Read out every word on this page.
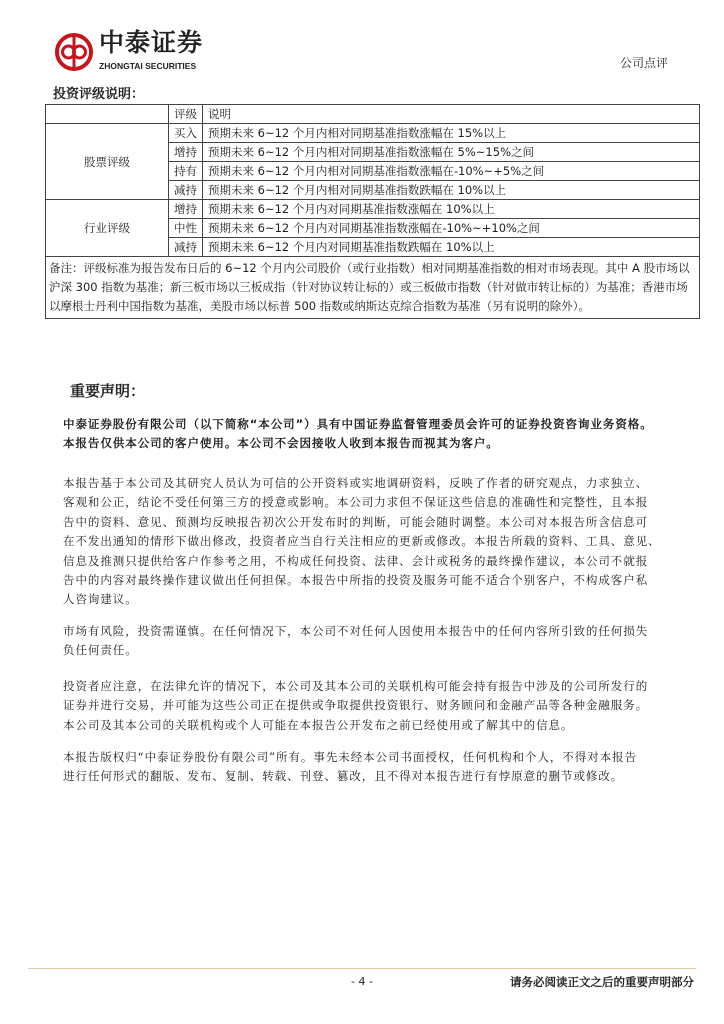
中泰证券
ZHONGTAI SECURITIES	公司点评
投资评级说明：
	评级	说明
股票评级	买入	预期未来 6~12 个月内相对同期基准指数涨幅在 15%以上
	增持	预期未来 6~12 个月内相对同期基准指数涨幅在 5%~15%之间
	持有	预期未来 6~12 个月内相对同期基准指数涨幅在-10%~+5%之间
	减持	预期未来 6~12 个月内相对同期基准指数跌幅在 10%以上
行业评级	增持	预期未来 6~12 个月内对同期基准指数涨幅在 10%以上
	中性	预期未来 6~12 个月内对同期基准指数涨幅在-10%~+10%之间
	减持	预期未来 6~12 个月内对同期基准指数跌幅在 10%以上
备注：评级标准为报告发布日后的 6~12 个月内公司股价（或行业指数）相对同期基准指数的相对市场表现。其中 A 股市场以沪深 300 指数为基准；新三板市场以三板成指（针对协议转让标的）或三板做市指数（针对做市转让标的）为基准；香港市场以摩根士丹利中国指数为基准，美股市场以标普 500 指数或纳斯达克综合指数为基准（另有说明的除外）。		
重要声明：
中泰证券股份有限公司（以下简称“本公司”）具有中国证券监督管理委员会许可的证券投资咨询业务资格。
本报告仅供本公司的客户使用。本公司不会因接收人收到本报告而视其为客户。
本报告基于本公司及其研究人员认为可信的公开资料或实地调研资料，反映了作者的研究观点，力求独立、
客观和公正，结论不受任何第三方的授意或影响。本公司力求但不保证这些信息的准确性和完整性，且本报
告中的资料、意见、预测均反映报告初次公开发布时的判断，可能会随时调整。本公司对本报告所含信息可
在不发出通知的情形下做出修改，投资者应当自行关注相应的更新或修改。本报告所载的资料、工具、意见、
信息及推测只提供给客户作参考之用，不构成任何投资、法律、会计或税务的最终操作建议，本公司不就报
告中的内容对最终操作建议做出任何担保。本报告中所指的投资及服务可能不适合个别客户，不构成客户私
人咨询建议。
市场有风险，投资需谨慎。在任何情况下，本公司不对任何人因使用本报告中的任何内容所引致的任何损失
负任何责任。
投资者应注意，在法律允许的情况下，本公司及其本公司的关联机构可能会持有报告中涉及的公司所发行的
证券并进行交易，并可能为这些公司正在提供或争取提供投资银行、财务顾问和金融产品等各种金融服务。
本公司及其本公司的关联机构或个人可能在本报告公开发布之前已经使用或了解其中的信息。
本报告版权归“中泰证券股份有限公司”所有。事先未经本公司书面授权，任何机构和个人，不得对本报告
进行任何形式的翻版、发布、复制、转载、刊登、篡改，且不得对本报告进行有悖原意的删节或修改。
- 4 -	请务必阅读正文之后的重要声明部分
